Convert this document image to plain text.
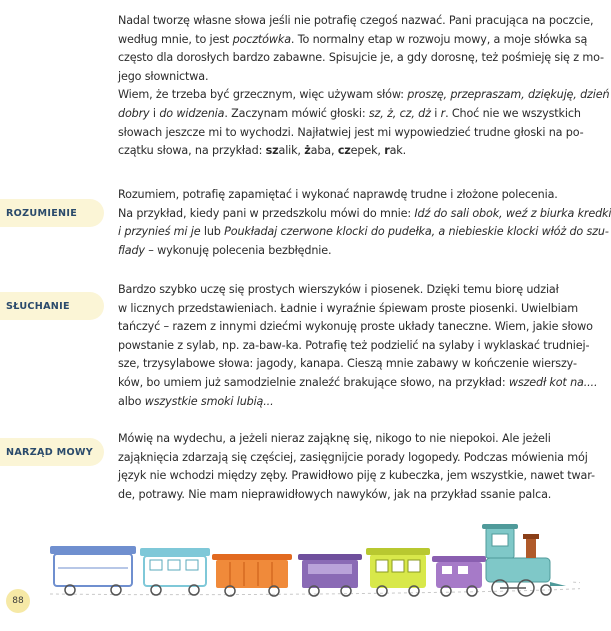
Nadal tworzę własne słowa jeśli nie potrafię czegoś nazwać. Pani pracująca na poczcie,
według mnie, to jest pocztówka. To normalny etap w rozwoju mowy, a moje słówka są
często dla dorosłych bardzo zabawne. Spisujcie je, a gdy dorosnę, też pośmieję się z mo-
jego słownictwa.
Wiem, że trzeba być grzecznym, więc używam słów: proszę, przepraszam, dziękuję, dzień
dobry i do widzenia. Zaczynam mówić głoski: sz, ż, cz, dż i r. Choć nie we wszystkich
słowach jeszcze mi to wychodzi. Najłatwiej jest mi wypowiedzieć trudne głoski na po-
czątku słowa, na przykład: szalik, żaba, czepek, rak.

Rozumiem, potrafię zapamiętać i wykonać naprawdę trudne i złożone polecenia.
Na przykład, kiedy pani w przedszkolu mówi do mnie: Idź do sali obok, weź z biurka kredki
i przynieś mi je lub Poukładaj czerwone klocki do pudełka, a niebieskie klocki włóż do szu-
flady – wykonuję polecenia bezbłędnie.

Bardzo szybko uczę się prostych wierszyków i piosenek. Dzięki temu biorę udział
w licznych przedstawieniach. Ładnie i wyraźnie śpiewam proste piosenki. Uwielbiam
tańczyć – razem z innymi dziećmi wykonuję proste układy taneczne. Wiem, jakie słowo
powstanie z sylab, np. za-baw-ka. Potrafię też podzielić na sylaby i wyklaskać trudniej-
sze, trzysylabowe słowa: jagody, kanapa. Cieszą mnie zabawy w kończenie wierszy-
ków, bo umiem już samodzielnie znaleźć brakujące słowo, na przykład: wszedł kot na....
albo wszystkie smoki lubią...

Mówię na wydechu, a jeżeli nieraz zająknę się, nikogo to nie niepokoi. Ale jeżeli
zająknięcia zdarzają się częściej, zasięgnijcie porady logopedy. Podczas mówienia mój
język nie wchodzi między zęby. Prawidłowo piję z kubeczka, jem wszystkie, nawet twar-
de, potrawy. Nie mam nieprawidłowych nawyków, jak na przykład ssanie palca.

ROZUMIENIE
SŁUCHANIE
NARZĄD MOWY
88
